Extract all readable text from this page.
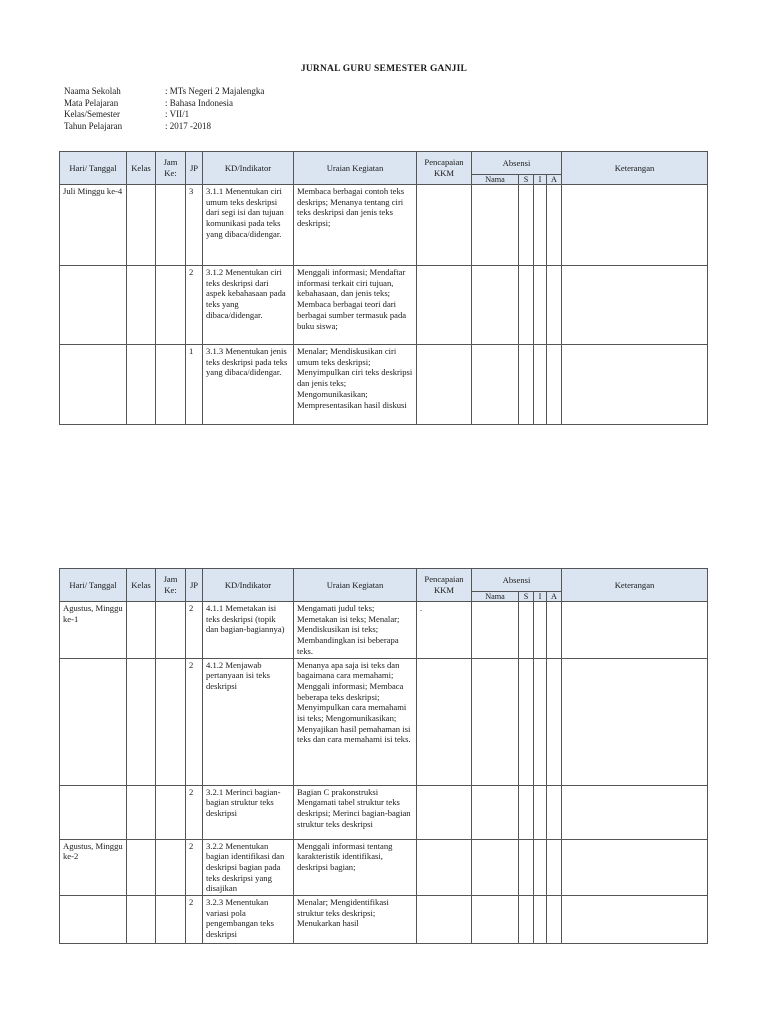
JURNAL GURU SEMESTER GANJIL
Naama Sekolah	: MTs Negeri 2 Majalengka
Mata Pelajaran	: Bahasa Indonesia
Kelas/Semester	: VII/1
Tahun Pelajaran	: 2017 -2018
Hari/ Tanggal	Kelas	Jam Ke:	JP	KD/Indikator	Uraian Kegiatan	Pencapaian KKM	Absensi				Keterangan
							Nama	S	I	A	
Juli Minggu ke-4			3	3.1.1 Menentukan ciri umum teks deskripsi dari segi isi dan tujuan komunikasi pada teks yang dibaca/didengar.	Membaca berbagai contoh teks deskrips; Menanya tentang ciri teks deskripsi dan jenis teks deskripsi;						
			2	3.1.2 Menentukan ciri teks deskripsi dari aspek kebahasaan pada teks yang dibaca/didengar.	Menggali informasi; Mendaftar informasi terkait ciri tujuan, kebahasaan, dan jenis teks; Membaca berbagai teori dari berbagai sumber termasuk pada buku siswa;						
			1	3.1.3 Menentukan jenis teks deskripsi pada teks yang dibaca/didengar.	Menalar; Mendiskusikan ciri umum teks deskripsi; Menyimpulkan ciri teks deskripsi dan jenis teks; Mengomunikasikan; Mempresentasikan hasil diskusi						
Hari/ Tanggal	Kelas	Jam Ke:	JP	KD/Indikator	Uraian Kegiatan	Pencapaian KKM	Absensi				Keterangan
							Nama	S	I	A	
Agustus, Minggu ke-1			2	4.1.1 Memetakan isi teks deskripsi (topik dan bagian-bagiannya)	Mengamati judul teks; Memetakan isi teks; Menalar; Mendiskusikan isi teks; Membandingkan isi beberapa teks.	.					
			2	4.1.2 Menjawab pertanyaan isi teks deskripsi	Menanya apa saja isi teks dan bagaimana cara memahami; Menggali informasi; Membaca beberapa teks deskripsi; Menyimpulkan cara memahami isi teks; Mengomunikasikan; Menyajikan hasil pemahaman isi teks dan cara memahami isi teks.						
			2	3.2.1 Merinci bagian-bagian struktur teks deskripsi	Bagian C prakonstruksi Mengamati tabel struktur teks deskripsi; Merinci bagian-bagian struktur teks deskripsi						
Agustus, Minggu ke-2			2	3.2.2 Menentukan bagian identifikasi dan deskripsi bagian pada teks deskripsi yang disajikan	Menggali informasi tentang karakteristik identifikasi, deskripsi bagian;						
			2	3.2.3 Menentukan variasi pola pengembangan teks deskripsi	Menalar; Mengidentifikasi struktur teks deskripsi; Menukarkan hasil						
